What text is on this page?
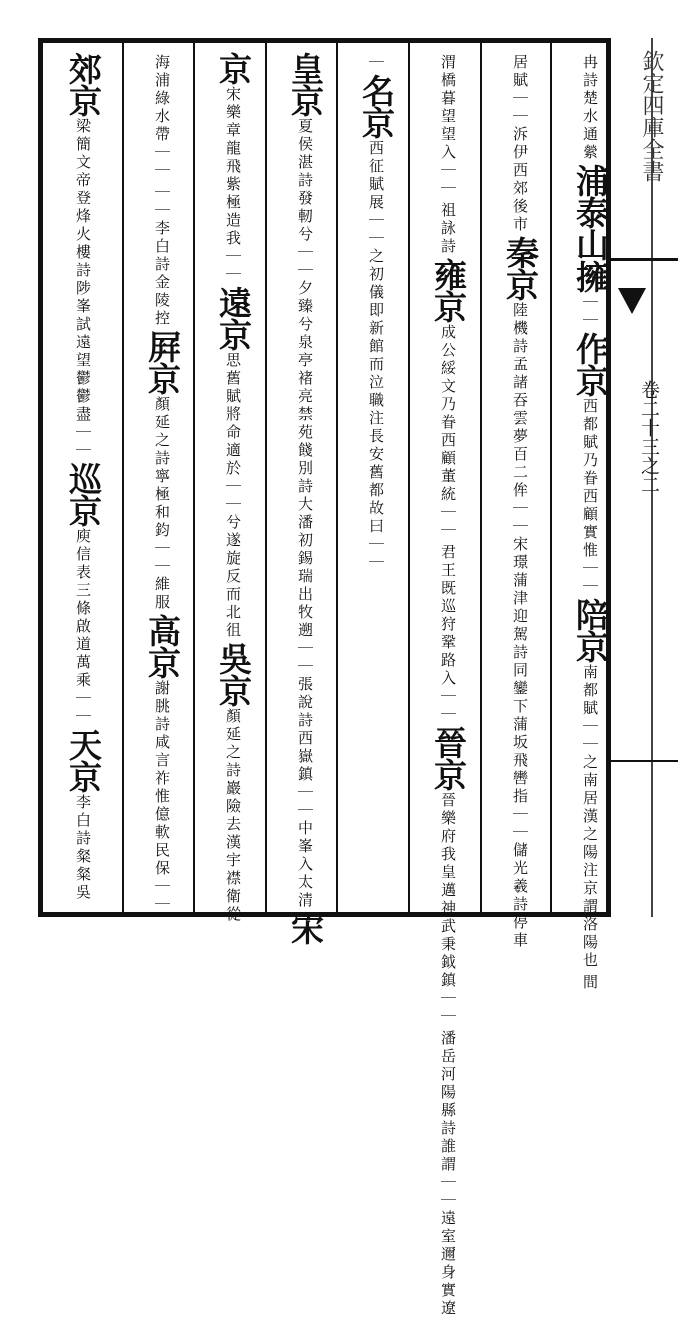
欽定四庫全書
卷二十三之二
冉詩楚水通縈浦泰山擁｜｜作京西都賦乃眷西顧實惟｜｜陪京南都賦｜｜之南居漢之陽注京謂洛陽也間
居賦｜｜泝伊西郊後市秦京陸機詩孟諸吞雲夢百二侔｜｜宋璟蒲津迎駕詩同鑾下蒲坂飛轡指｜｜儲光羲詩停車
渭橋暮望望入｜｜祖詠詩雍京成公綏文乃眷西顧董統｜｜君王既巡狩鞏路入｜｜晉京晉樂府我皇邁神武秉鉞鎮｜｜潘岳河陽縣詩誰謂｜｜遠室邇身實遼
｜名京西征賦展｜｜之初儀即新館而泣職注長安舊都故曰｜｜
皇京夏侯湛詩發軔兮｜｜夕臻兮泉亭褚亮禁苑餞別詩大潘初錫瑞出牧遡｜｜張說詩西嶽鎮｜｜中峯入太清宋
京宋樂章龍飛紫極造我｜｜遠京思舊賦將命適於｜｜兮遂旋反而北徂吳京顏延之詩巖險去漢宇襟衛從
海浦綠水帶｜｜｜｜李白詩金陵控屛京顏延之詩寧極和鈞｜｜維服高京謝朓詩咸言祚惟億軟民保｜｜
郊京梁簡文帝登烽火樓詩陟峯試遠望鬱鬱盡｜｜巡京庾信表三條啟道萬乘｜｜天京李白詩粲粲吳
